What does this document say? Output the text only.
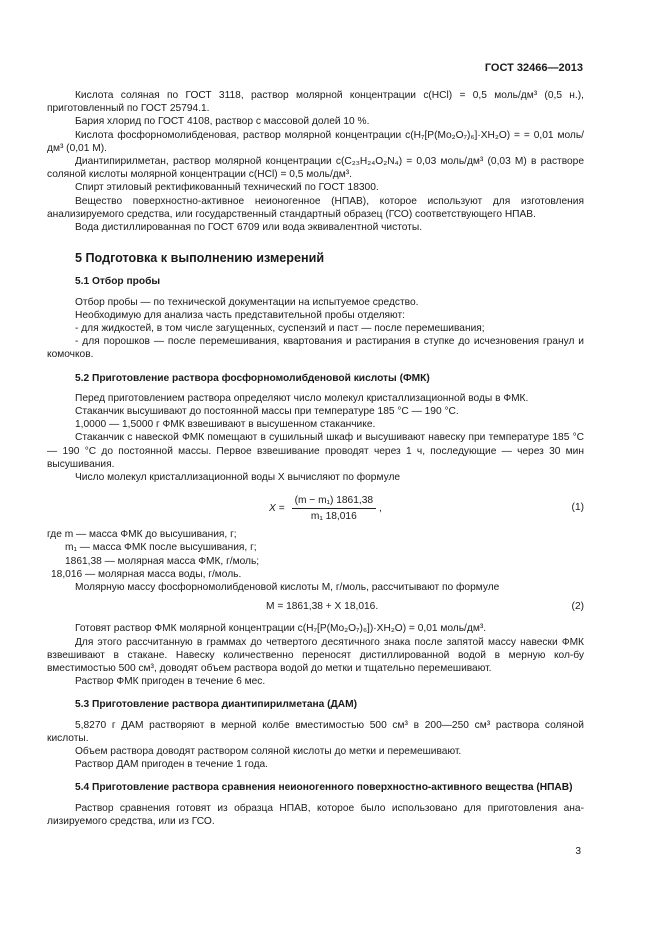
ГОСТ 32466—2013

Кислота соляная по ГОСТ 3118, раствор молярной концентрации c(HCl) = 0,5 моль/дм³ (0,5 н.), приготовленный по ГОСТ 25794.1.

Бария хлорид по ГОСТ 4108, раствор с массовой долей 10 %.

Кислота фосфорномолибденовая, раствор молярной концентрации c(H₇[P(Mo₂O₇)₆]·XH₂O) = = 0,01 моль/дм³ (0,01 М).

Диантипирилметан, раствор молярной концентрации c(C₂₃H₂₄O₂N₄) = 0,03 моль/дм³ (0,03 М) в растворе соляной кислоты молярной концентрации c(HCl) = 0,5 моль/дм³.

Спирт этиловый ректификованный технический по ГОСТ 18300.

Вещество поверхностно-активное неионогенное (НПАВ), которое используют для изготовления анализируемого средства, или государственный стандартный образец (ГСО) соответствующего НПАВ.

Вода дистиллированная по ГОСТ 6709 или вода эквивалентной чистоты.

5 Подготовка к выполнению измерений
5.1 Отбор пробы

Отбор пробы — по технической документации на испытуемое средство.

Необходимую для анализа часть представительной пробы отделяют:

- для жидкостей, в том числе загущенных, суспензий и паст — после перемешивания;

- для порошков — после перемешивания, квартования и растирания в ступке до исчезновения гранул и комочков.

5.2 Приготовление раствора фосфорномолибденовой кислоты (ФМК)

Перед приготовлением раствора определяют число молекул кристаллизационной воды в ФМК.

Стаканчик высушивают до постоянной массы при температуре 185 °С — 190 °С.

1,0000 — 1,5000 г ФМК взвешивают в высушенном стаканчике.

Стаканчик с навеской ФМК помещают в сушильный шкаф и высушивают навеску при температуре 185 °С — 190 °С до постоянной массы. Первое взвешивание проводят через 1 ч, последующие — через 30 мин высушивания.

Число молекул кристаллизационной воды X вычисляют по формуле

$X = \frac{\text{(m − m₁) 1861,38}}{\text{m₁ 18,016}}$ ,	(1)

где m — масса ФМК до высушивания, г;

m₁ — масса ФМК после высушивания, г;

1861,38 — молярная масса ФМК, г/моль;

18,016 — молярная масса воды, г/моль.

Молярную массу фосфорномолибденовой кислоты M, г/моль, рассчитывают по формуле

M = 1861,38 + X 18,016.	(2)

Готовят раствор ФМК молярной концентрации c(H₇[P(Mo₂O₇)₆])·XH₂O) = 0,01 моль/дм³.

Для этого рассчитанную в граммах до четвертого десятичного знака после запятой массу навески ФМК взвешивают в стакане. Навеску количественно переносят дистиллированной водой в мерную кол-бу вместимостью 500 см³, доводят объем раствора водой до метки и тщательно перемешивают.

Раствор ФМК пригоден в течение 6 мес.

5.3 Приготовление раствора диантипирилметана (ДАМ)

5,8270 г ДАМ растворяют в мерной колбе вместимостью 500 см³ в 200—250 см³ раствора соляной кислоты.

Объем раствора доводят раствором соляной кислоты до метки и перемешивают.

Раствор ДАМ пригоден в течение 1 года.

5.4 Приготовление раствора сравнения неионогенного поверхностно-активного вещества (НПАВ)

Раствор сравнения готовят из образца НПАВ, которое было использовано для приготовления ана-лизируемого средства, или из ГСО.

3
